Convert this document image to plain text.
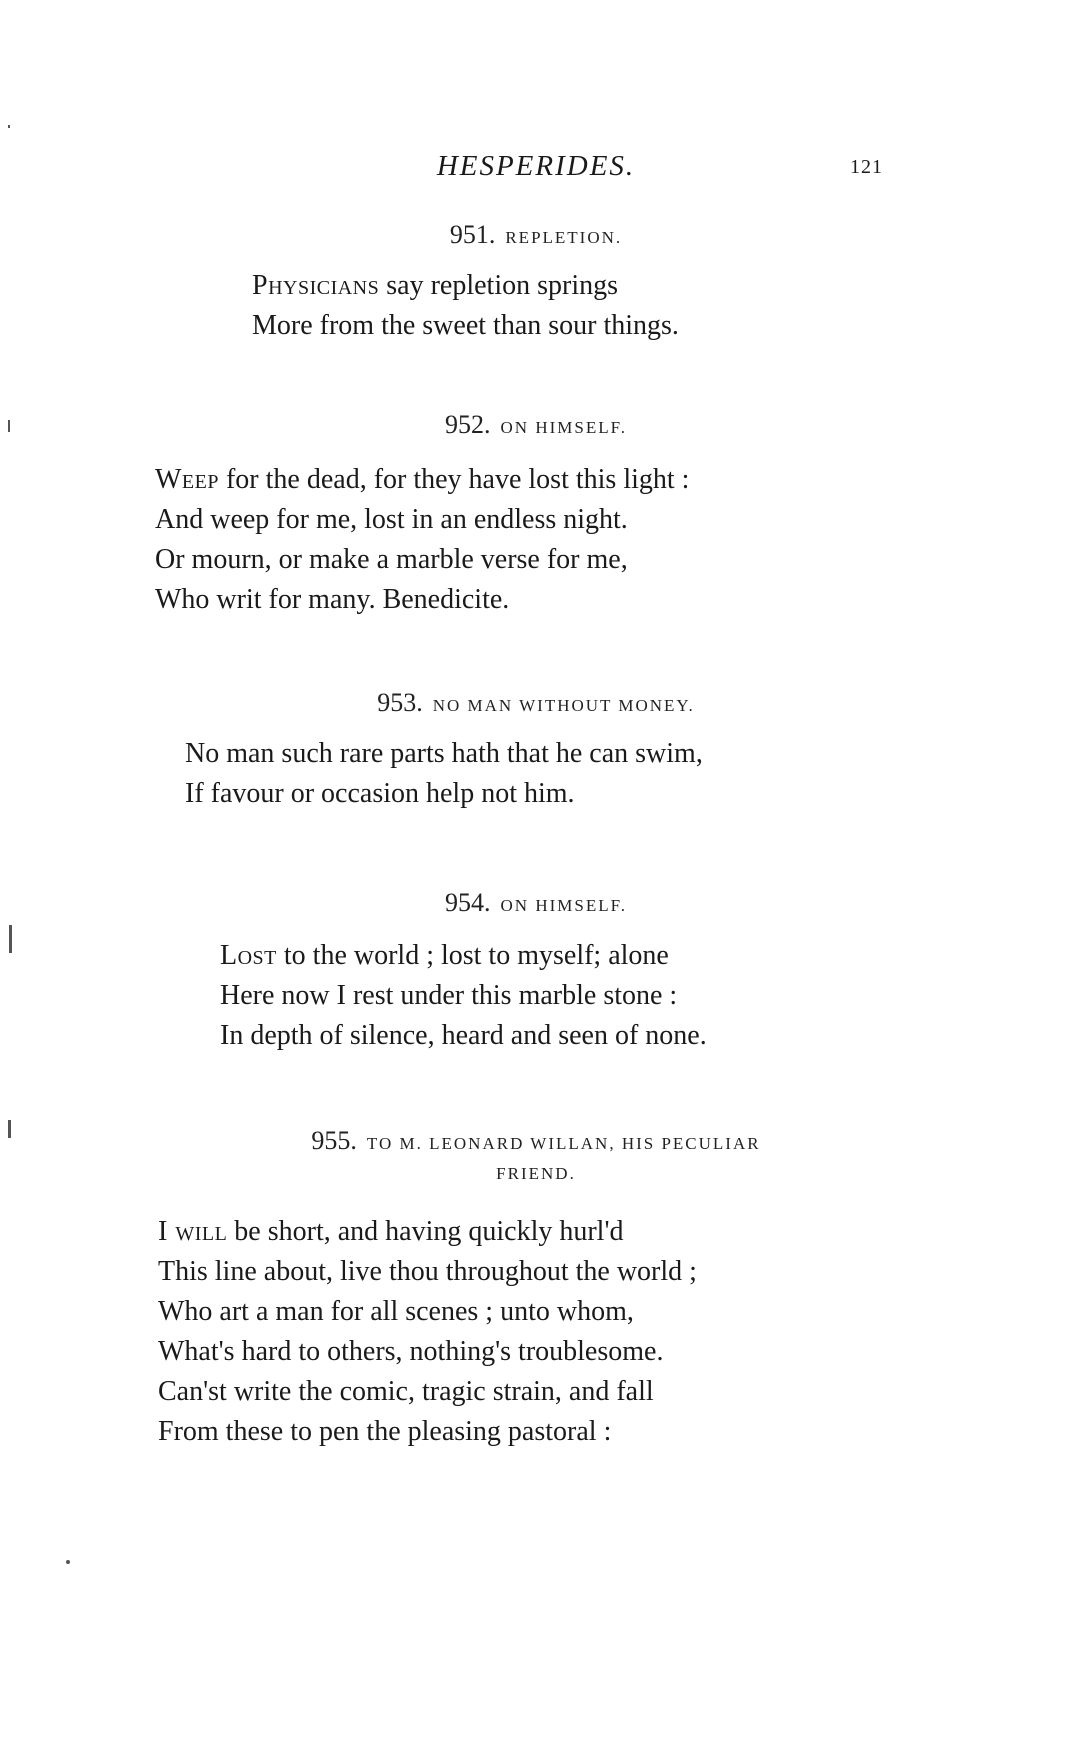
HESPERIDES.	121
951. REPLETION.
Physicians say repletion springs
More from the sweet than sour things.
952. ON HIMSELF.
Weep for the dead, for they have lost this light :
And weep for me, lost in an endless night.
Or mourn, or make a marble verse for me,
Who writ for many. Benedicite.
953. NO MAN WITHOUT MONEY.
No man such rare parts hath that he can swim,
If favour or occasion help not him.
954. ON HIMSELF.
Lost to the world ; lost to myself; alone
Here now I rest under this marble stone :
In depth of silence, heard and seen of none.
955. TO M. LEONARD WILLAN, HIS PECULIAR
FRIEND.
I will be short, and having quickly hurl'd
This line about, live thou throughout the world ;
Who art a man for all scenes ; unto whom,
What's hard to others, nothing's troublesome.
Can'st write the comic, tragic strain, and fall
From these to pen the pleasing pastoral :
